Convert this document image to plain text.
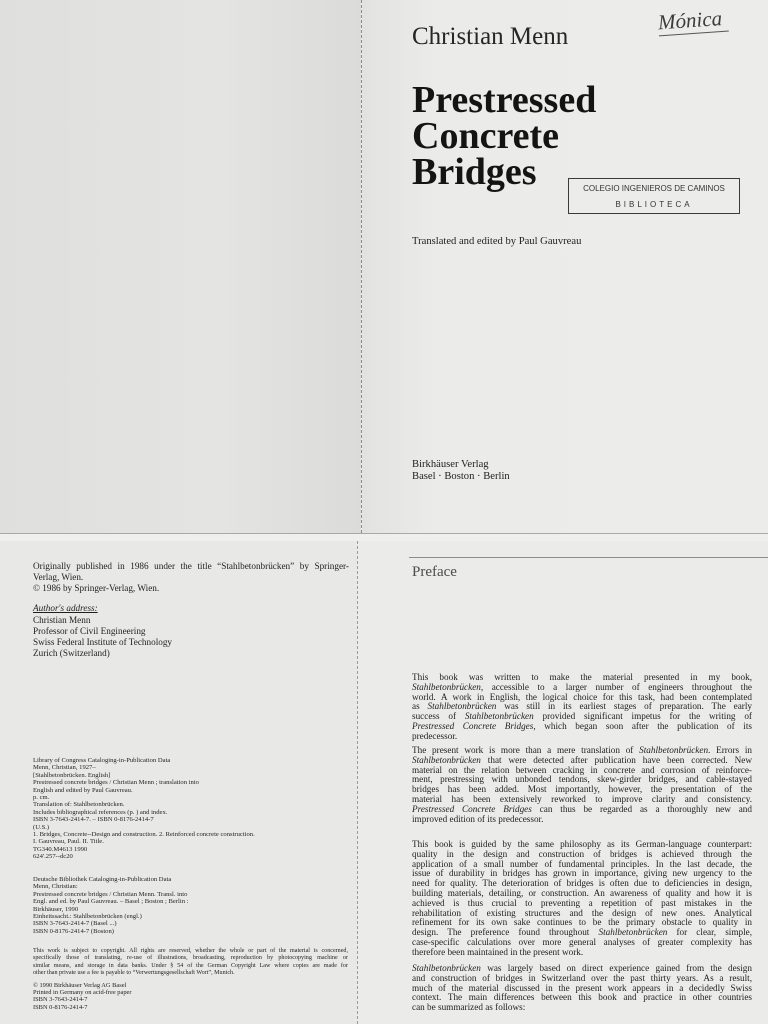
Christian Menn
Prestressed
Concrete
Bridges	COLEGIO INGENIEROS DE CAMINOS
BIBLIOTECA
Mónica
Translated and edited by Paul Gauvreau
Birkhäuser Verlag
Basel · Boston · Berlin
Originally published in 1986 under the title “Stahlbetonbrücken” by Springer-
Verlag, Wien.
© 1986 by Springer-Verlag, Wien.
Author's address:
Christian Menn
Professor of Civil Engineering
Swiss Federal Institute of Technology
Zurich (Switzerland)
Library of Congress Cataloging-in-Publication Data
Menn, Christian, 1927–
[Stahlbetonbrücken. English]
Prestressed concrete bridges / Christian Menn ; translation into
English and edited by Paul Gauvreau.
p. cm.
Translation of: Stahlbetonbrücken.
Includes bibliographical references (p. ) and index.
ISBN 3-7643-2414-7. – ISBN 0-8176-2414-7
(U.S.)
1. Bridges, Concrete--Design and construction. 2. Reinforced concrete construction.
I. Gauvreau, Paul. II. Title.
TG340.M4613 1990
624'.257--dc20
Deutsche Bibliothek Cataloging-in-Publication Data
Menn, Christian:
Prestressed concrete bridges / Christian Menn. Transl. into
Engl. and ed. by Paul Gauvreau. – Basel ; Boston ; Berlin :
Birkhäuser, 1990
Einheitssacht.: Stahlbetonbrücken (engl.)
ISBN 3-7643-2414-7 (Basel ...)
ISBN 0-8176-2414-7 (Boston)
This work is subject to copyright. All rights are reserved, whether the whole or part of the material is concerned,
specifically those of translating, re-use of illustrations, broadcasting, reproduction by photocopying machine or
similar means, and storage in data banks. Under § 54 of the German Copyright Law where copies are made for
other than private use a fee is payable to “Verwertungsgesellschaft Wort”, Munich.
© 1990 Birkhäuser Verlag AG Basel
Printed in Germany on acid-free paper
ISBN 3-7643-2414-7
ISBN 0-8176-2414-7
Preface
This book was written to make the material presented in my book,
Stahlbetonbrücken, accessible to a larger number of engineers throughout the
world. A work in English, the logical choice for this task, had been contemplated
as Stahlbetonbrücken was still in its earliest stages of preparation. The early
success of Stahlbetonbrücken provided significant impetus for the writing of
Prestressed Concrete Bridges, which began soon after the publication of its
predecessor.
The present work is more than a mere translation of Stahlbetonbrücken. Errors in
Stahlbetonbrücken that were detected after publication have been corrected. New
material on the relation between cracking in concrete and corrosion of reinforce-
ment, prestressing with unbonded tendons, skew-girder bridges, and cable-stayed
bridges has been added. Most importantly, however, the presentation of the
material has been extensively reworked to improve clarity and consistency.
Prestressed Concrete Bridges can thus be regarded as a thoroughly new and
improved edition of its predecessor.
This book is guided by the same philosophy as its German-language counterpart:
quality in the design and construction of bridges is achieved through the
application of a small number of fundamental principles. In the last decade, the
issue of durability in bridges has grown in importance, giving new urgency to the
need for quality. The deterioration of bridges is often due to deficiencies in design,
building materials, detailing, or construction. An awareness of quality and how it is
achieved is thus crucial to preventing a repetition of past mistakes in the
rehabilitation of existing structures and the design of new ones. Analytical
refinement for its own sake continues to be the primary obstacle to quality in
design. The preference found throughout Stahlbetonbrücken for clear, simple,
case-specific calculations over more general analyses of greater complexity has
therefore been maintained in the present work.
Stahlbetonbrücken was largely based on direct experience gained from the design
and construction of bridges in Switzerland over the past thirty years. As a result,
much of the material discussed in the present work appears in a decidedly Swiss
context. The main differences between this book and practice in other countries
can be summarized as follows:
